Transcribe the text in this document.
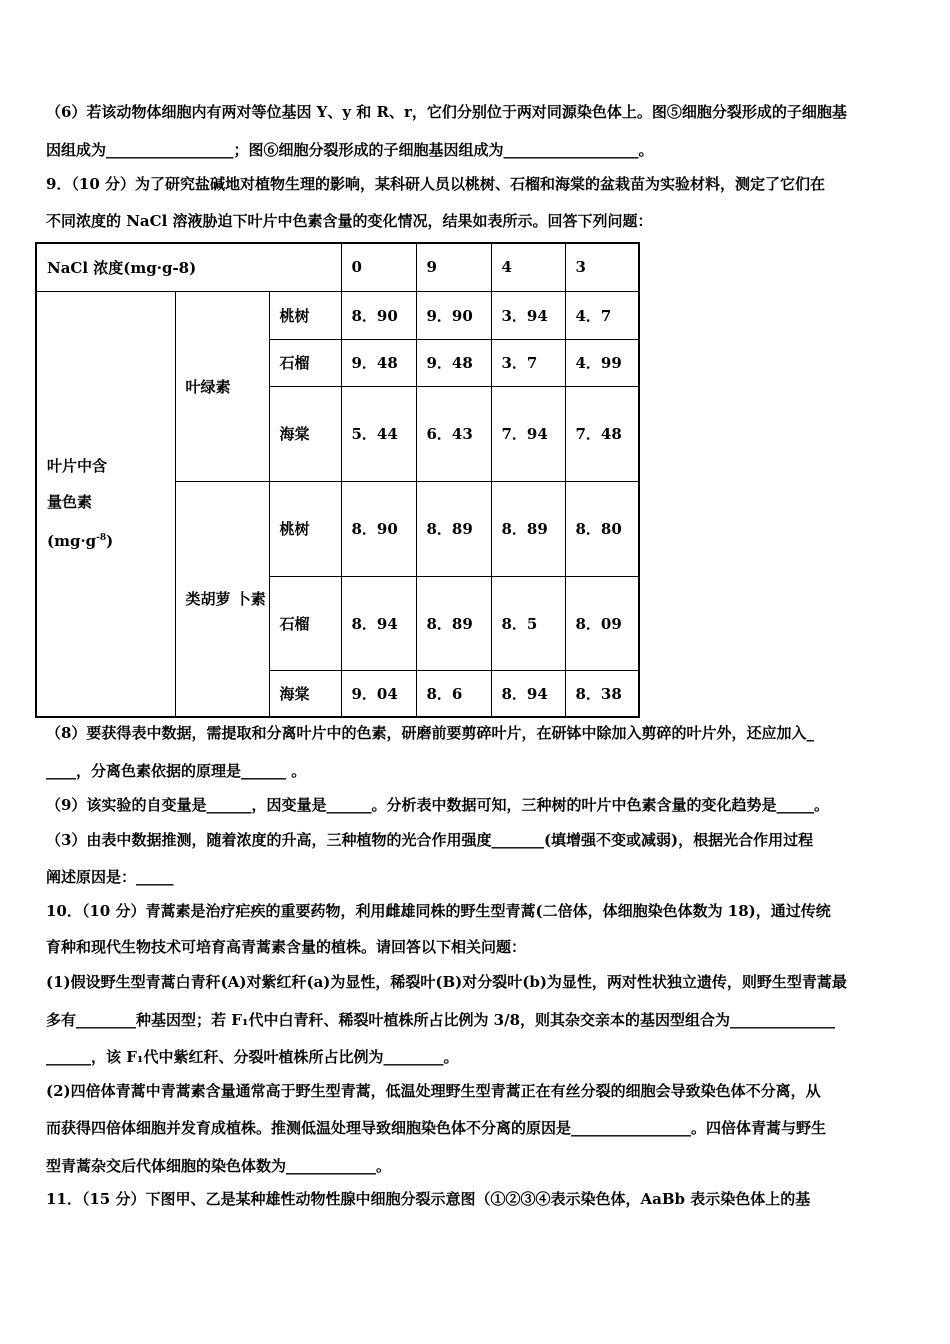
（6）若该动物体细胞内有两对等位基因 Y、y 和 R、r，它们分别位于两对同源染色体上。图⑤细胞分裂形成的子细胞基
因组成为_________________；图⑥细胞分裂形成的子细胞基因组成为__________________。
9．（10 分）为了研究盐碱地对植物生理的影响，某科研人员以桃树、石榴和海棠的盆栽苗为实验材料，测定了它们在
不同浓度的 NaCl 溶液胁迫下叶片中色素含量的变化情况，结果如表所示。回答下列问题：
NaCl 浓度(mg·g-8)			0	9	4	3

叶片中含
量色素
$(mg\cdot g^{-8})$	叶绿素	桃树	8．90	9．90	3．94	4．7
		石榴	9．48	9．48	3．7	4．99
		海棠	5．44	6．43	7．94	7．48
	类胡萝 卜素	桃树	8．90	8．89	8．89	8．80
		石榴	8．94	8．89	8．5	8．09
		海棠	9．04	8．6	8．94	8．38
（8）要获得表中数据，需提取和分离叶片中的色素，研磨前要剪碎叶片，在研钵中除加入剪碎的叶片外，还应加入_
____，分离色素依据的原理是______ 。
（9）该实验的自变量是______，因变量是______。分析表中数据可知，三种树的叶片中色素含量的变化趋势是_____。
（3）由表中数据推测，随着浓度的升高，三种植物的光合作用强度_______(填增强不变或减弱)，根据光合作用过程
阐述原因是：_____
10．（10 分）青蒿素是治疗疟疾的重要药物，利用雌雄同株的野生型青蒿(二倍体，体细胞染色体数为 18)，通过传统
育种和现代生物技术可培育高青蒿素含量的植株。请回答以下相关问题：
(1)假设野生型青蒿白青秆(A)对紫红秆(a)为显性，稀裂叶(B)对分裂叶(b)为显性，两对性状独立遗传，则野生型青蒿最
多有________种基因型；若 F₁代中白青秆、稀裂叶植株所占比例为 3/8，则其杂交亲本的基因型组合为______________
______，该 F₁代中紫红秆、分裂叶植株所占比例为________。
(2)四倍体青蒿中青蒿素含量通常高于野生型青蒿，低温处理野生型青蒿正在有丝分裂的细胞会导致染色体不分离，从
而获得四倍体细胞并发育成植株。推测低温处理导致细胞染色体不分离的原因是________________。四倍体青蒿与野生
型青蒿杂交后代体细胞的染色体数为____________。
11．（15 分）下图甲、乙是某种雄性动物性腺中细胞分裂示意图（①②③④表示染色体，AaBb 表示染色体上的基
